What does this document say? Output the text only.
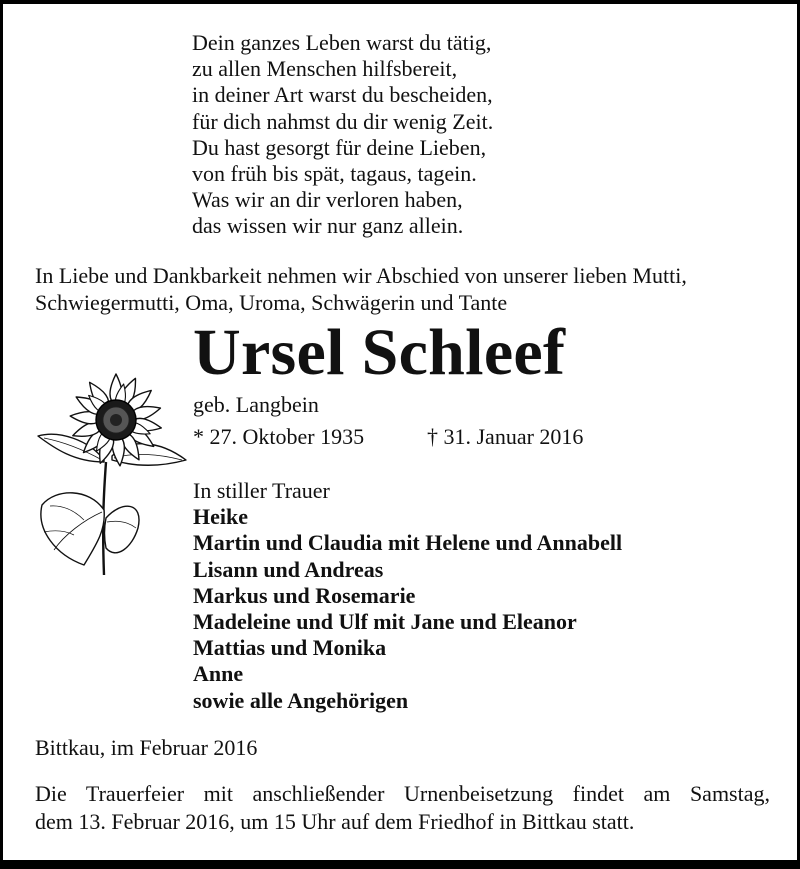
Dein ganzes Leben warst du tätig,
zu allen Menschen hilfsbereit,
in deiner Art warst du bescheiden,
für dich nahmst du dir wenig Zeit.
Du hast gesorgt für deine Lieben,
von früh bis spät, tagaus, tagein.
Was wir an dir verloren haben,
das wissen wir nur ganz allein.
In Liebe und Dankbarkeit nehmen wir Abschied von unserer lieben Mutti,
Schwiegermutti, Oma, Uroma, Schwägerin und Tante
Ursel Schleef
geb. Langbein
* 27. Oktober 1935	† 31. Januar 2016
In stiller Trauer
Heike
Martin und Claudia mit Helene und Annabell
Lisann und Andreas
Markus und Rosemarie
Madeleine und Ulf mit Jane und Eleanor
Mattias und Monika
Anne
sowie alle Angehörigen
Bittkau, im Februar 2016
Die Trauerfeier mit anschließender Urnenbeisetzung findet am Samstag,
dem 13. Februar 2016, um 15 Uhr auf dem Friedhof in Bittkau statt.
